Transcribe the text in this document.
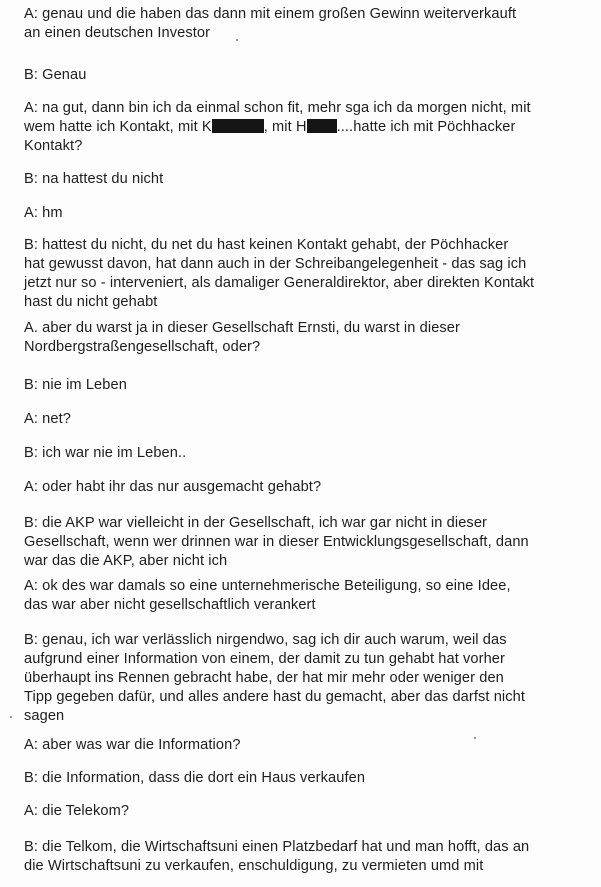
A: genau und die haben das dann mit einem großen Gewinn weiterverkauft
an einen deutschen Investor
B: Genau
A: na gut, dann bin ich da einmal schon fit, mehr sga ich da morgen nicht, mit
wem hatte ich Kontakt, mit K	, mit H ....hatte ich mit Pöchhacker
Kontakt?
B: na hattest du nicht
A: hm
B: hattest du nicht, du net du hast keinen Kontakt gehabt, der Pöchhacker
hat gewusst davon, hat dann auch in der Schreibangelegenheit - das sag ich
jetzt nur so - interveniert, als damaliger Generaldirektor, aber direkten Kontakt
hast du nicht gehabt
A. aber du warst ja in dieser Gesellschaft Ernsti, du warst in dieser
Nordbergstraßengesellschaft, oder?
B: nie im Leben
A: net?
B: ich war nie im Leben..
A: oder habt ihr das nur ausgemacht gehabt?
B: die AKP war vielleicht in der Gesellschaft, ich war gar nicht in dieser
Gesellschaft, wenn wer drinnen war in dieser Entwicklungsgesellschaft, dann
war das die AKP, aber nicht ich
A: ok des war damals so eine unternehmerische Beteiligung, so eine Idee,
das war aber nicht gesellschaftlich verankert
B: genau, ich war verlässlich nirgendwo, sag ich dir auch warum, weil das
aufgrund einer Information von einem, der damit zu tun gehabt hat vorher
überhaupt ins Rennen gebracht habe, der hat mir mehr oder weniger den
Tipp gegeben dafür, und alles andere hast du gemacht, aber das darfst nicht
sagen
A: aber was war die Information?
B: die Information, dass die dort ein Haus verkaufen
A: die Telekom?
B: die Telkom, die Wirtschaftsuni einen Platzbedarf hat und man hofft, das an
die Wirtschaftsuni zu verkaufen, enschuldigung, zu vermieten umd mit
